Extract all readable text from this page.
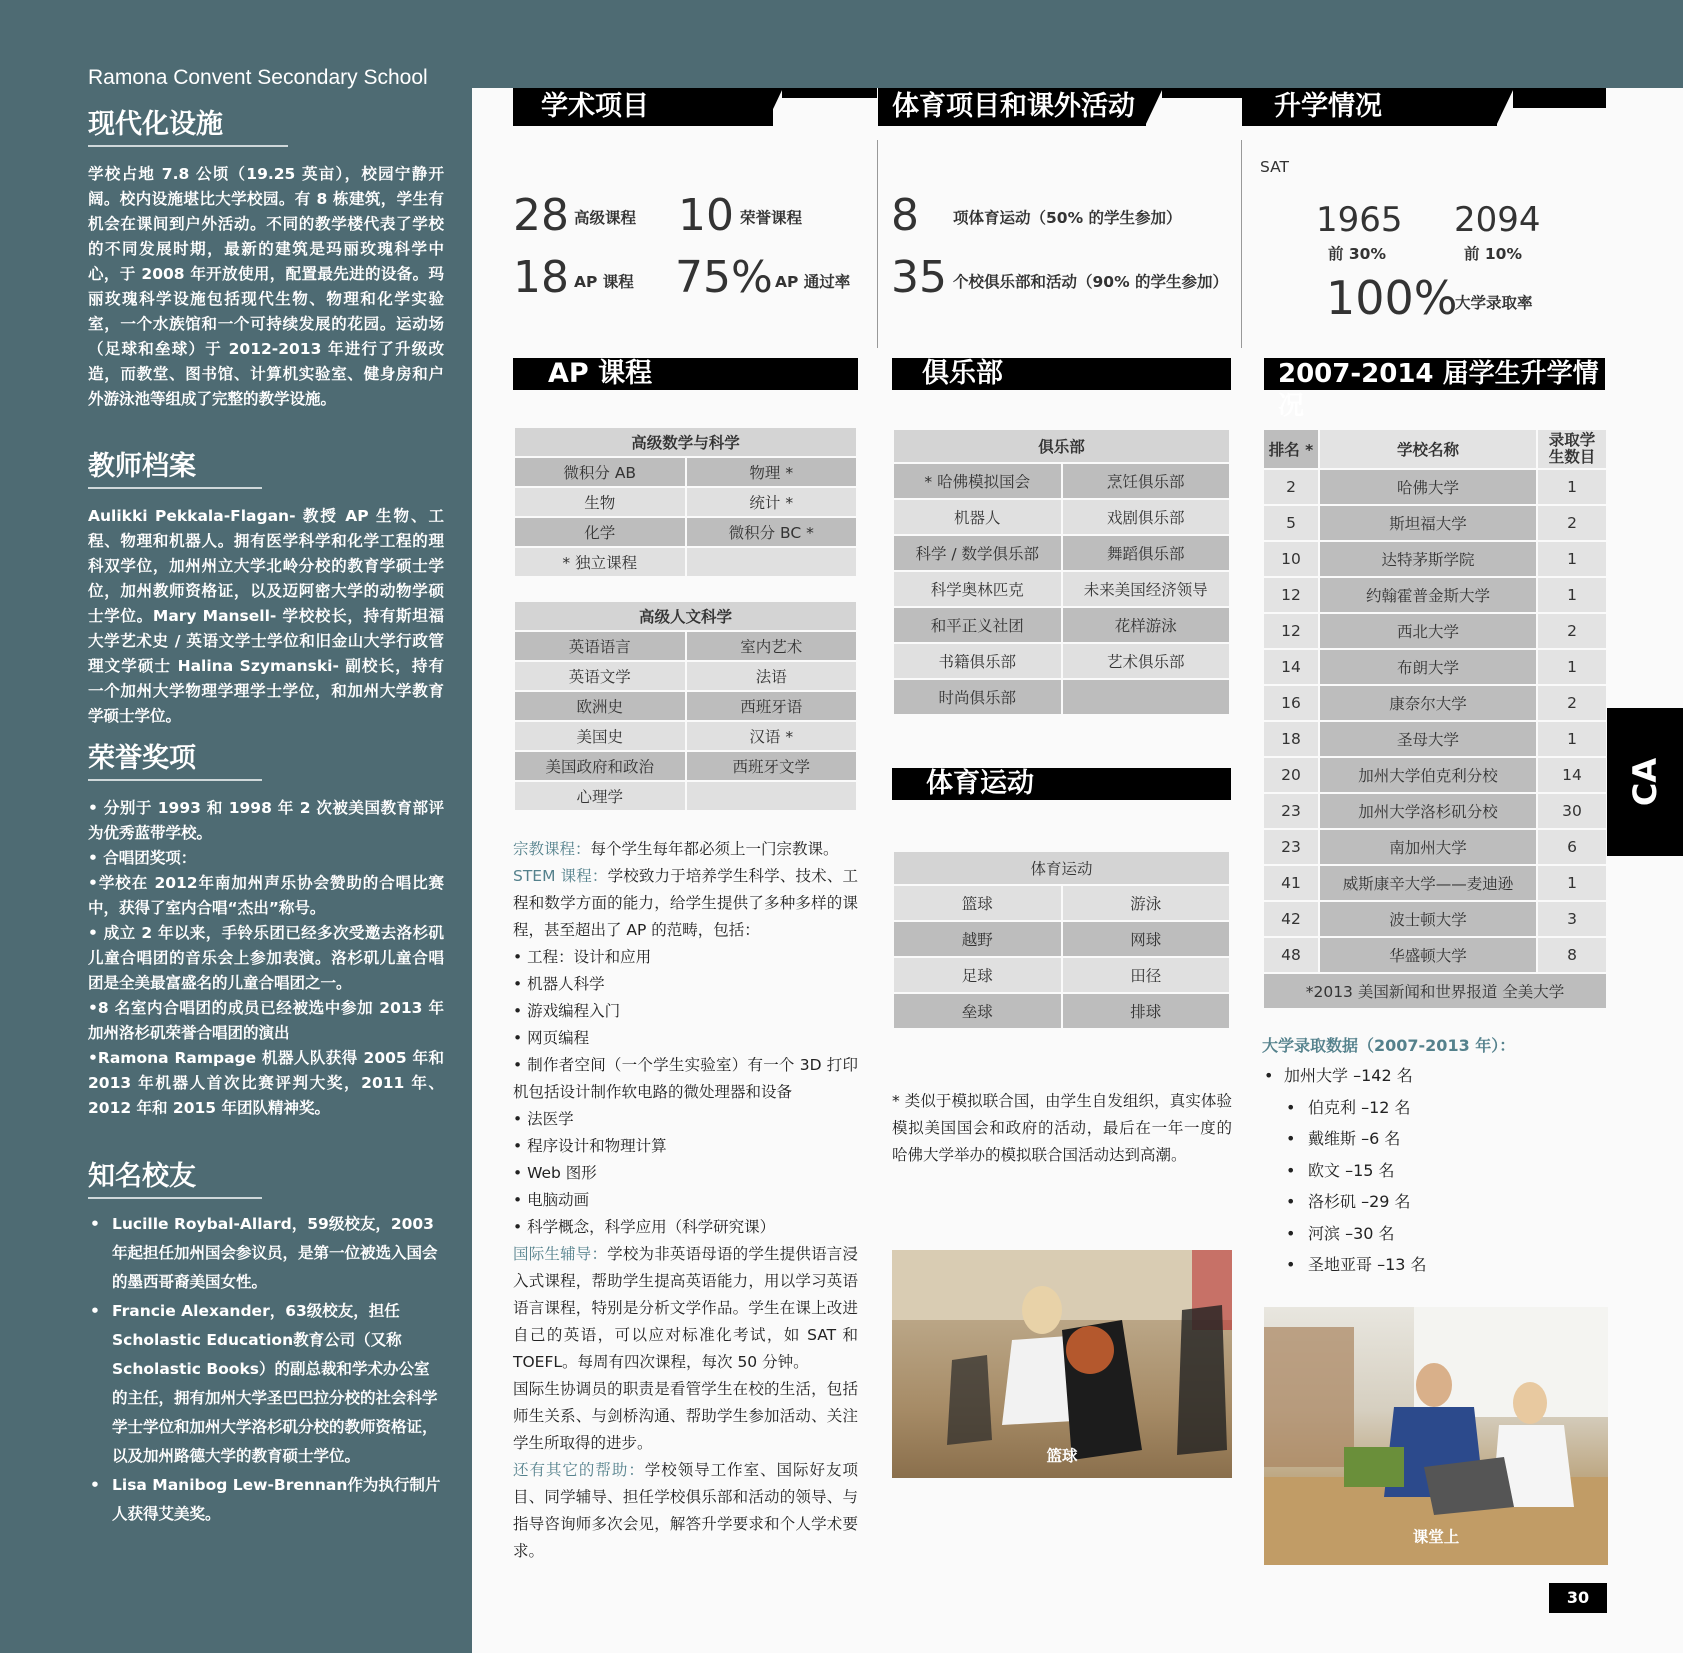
Ramona Convent Secondary School
现代化设施
学校占地 7.8 公顷（19.25 英亩），校园宁静开阔。校内设施堪比大学校园。有 8 栋建筑，学生有机会在课间到户外活动。不同的教学楼代表了学校的不同发展时期，最新的建筑是玛丽玫瑰科学中心，于 2008 年开放使用，配置最先进的设备。玛丽玫瑰科学设施包括现代生物、物理和化学实验室，一个水族馆和一个可持续发展的花园。运动场（足球和垒球）于 2012-2013 年进行了升级改造，而教堂、图书馆、计算机实验室、健身房和户外游泳池等组成了完整的教学设施。
教师档案
Aulikki Pekkala-Flagan- 教授 AP 生物、工程、物理和机器人。拥有医学科学和化学工程的理科双学位，加州州立大学北岭分校的教育学硕士学位，加州教师资格证，以及迈阿密大学的动物学硕士学位。Mary Mansell- 学校校长，持有斯坦福大学艺术史 / 英语文学士学位和旧金山大学行政管理文学硕士 Halina Szymanski- 副校长，持有一个加州大学物理学理学士学位，和加州大学教育学硕士学位。
荣誉奖项
• 分别于 1993 和 1998 年 2 次被美国教育部评为优秀蓝带学校。
• 合唱团奖项：
•学校在 2012年南加州声乐协会赞助的合唱比赛中，获得了室内合唱“杰出”称号。
• 成立 2 年以来，手铃乐团已经多次受邀去洛杉矶儿童合唱团的音乐会上参加表演。洛杉矶儿童合唱团是全美最富盛名的儿童合唱团之一。
•8 名室内合唱团的成员已经被选中参加 2013 年加州洛杉矶荣誉合唱团的演出
•Ramona Rampage 机器人队获得 2005 年和 2013 年机器人首次比赛评判大奖，2011 年、2012 年和 2015 年团队精神奖。
知名校友
• Lucille Roybal-Allard，59级校友，2003年起担任加州国会参议员，是第一位被选入国会的墨西哥裔美国女性。
• Francie Alexander，63级校友，担任Scholastic Education教育公司（又称Scholastic Books）的副总裁和学术办公室的主任，拥有加州大学圣巴巴拉分校的社会科学学士学位和加州大学洛杉矶分校的教师资格证，以及加州路德大学的教育硕士学位。
• Lisa Manibog Lew-Brennan作为执行制片人获得艾美奖。
学术项目	体育项目和课外活动	升学情况
28 高级课程 10 荣誉课程
18 AP 课程 75% AP 通过率
8 项体育运动（50% 的学生参加）
35 个校俱乐部和活动（90% 的学生参加）
SAT
1965
前 30%
2094
前 10%
100%
大学录取率
AP 课程	俱乐部	2007-2014 届学生升学情况
体育运动
高级数学与科学	
微积分 AB	物理 *
生物	统计 *
化学	微积分 BC *
* 独立课程	
高级人文科学	
英语语言	室内艺术
英语文学	法语
欧洲史	西班牙语
美国史	汉语 *
美国政府和政治	西班牙文学
心理学	
俱乐部	
* 哈佛模拟国会	烹饪俱乐部
机器人	戏剧俱乐部
科学 / 数学俱乐部	舞蹈俱乐部
科学奥林匹克	未来美国经济领导
和平正义社团	花样游泳
书籍俱乐部	艺术俱乐部
时尚俱乐部	
体育运动	
篮球	游泳
越野	网球
足球	田径
垒球	排球
* 类似于模拟联合国，由学生自发组织，真实体验模拟美国国会和政府的活动，最后在一年一度的哈佛大学举办的模拟联合国活动达到高潮。
排名 *	学校名称	录取学生数目
2	哈佛大学	1
5	斯坦福大学	2
10	达特茅斯学院	1
12	约翰霍普金斯大学	1
12	西北大学	2
14	布朗大学	1
16	康奈尔大学	2
18	圣母大学	1
20	加州大学伯克利分校	14
23	加州大学洛杉矶分校	30
23	南加州大学	6
41	威斯康辛大学——麦迪逊	1
42	波士顿大学	3
48	华盛顿大学	8
*2013 美国新闻和世界报道 全美大学		
大学录取数据（2007-2013 年）：
• 加州大学 –142 名
• 伯克利 –12 名
• 戴维斯 –6 名
• 欧文 –15 名
• 洛杉矶 –29 名
• 河滨 –30 名
• 圣地亚哥 –13 名
宗教课程：每个学生每年都必须上一门宗教课。
STEM 课程：学校致力于培养学生科学、技术、工程和数学方面的能力，给学生提供了多种多样的课程，甚至超出了 AP 的范畴，包括：
• 工程：设计和应用
• 机器人科学
• 游戏编程入门
• 网页编程
• 制作者空间（一个学生实验室）有一个 3D 打印机包括设计制作软电路的微处理器和设备
• 法医学
• 程序设计和物理计算
• Web 图形
• 电脑动画
• 科学概念，科学应用（科学研究课）
国际生辅导：学校为非英语母语的学生提供语言浸入式课程，帮助学生提高英语能力，用以学习英语语言课程，特别是分析文学作品。学生在课上改进自己的英语，可以应对标准化考试，如 SAT 和 TOEFL。每周有四次课程，每次 50 分钟。
国际生协调员的职责是看管学生在校的生活，包括师生关系、与剑桥沟通、帮助学生参加活动、关注学生所取得的进步。
还有其它的帮助：学校领导工作室、国际好友项目、同学辅导、担任学校俱乐部和活动的领导、与指导咨询师多次会见，解答升学要求和个人学术要求。
篮球
课堂上
CA
30
